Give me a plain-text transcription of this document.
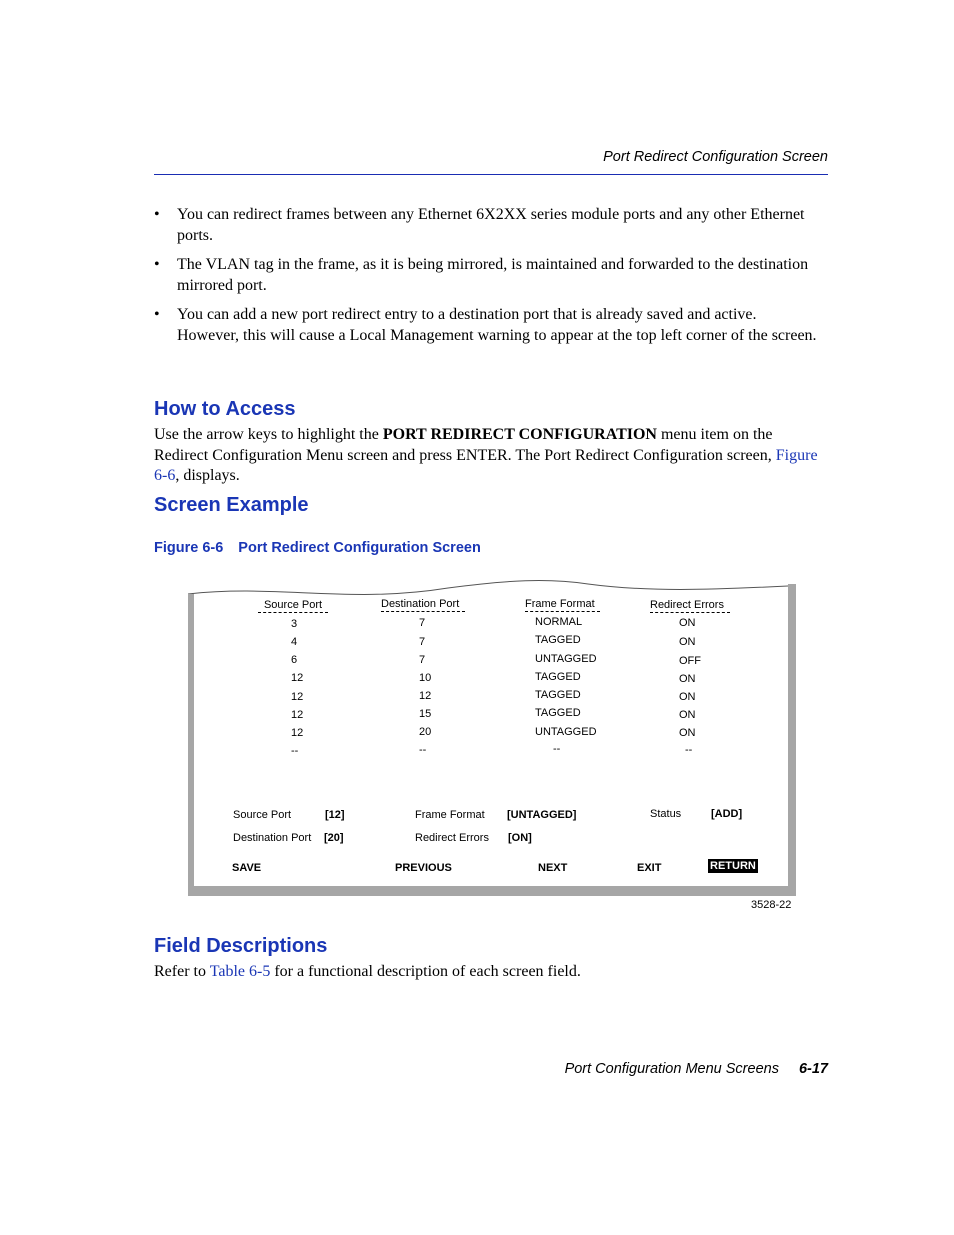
Port Redirect Configuration Screen
• You can redirect frames between any Ethernet 6X2XX series module ports and any other Ethernet ports.
• The VLAN tag in the frame, as it is being mirrored, is maintained and forwarded to the destination mirrored port.
• You can add a new port redirect entry to a destination port that is already saved and active. However, this will cause a Local Management warning to appear at the top left corner of the screen.
How to Access
Use the arrow keys to highlight the PORT REDIRECT CONFIGURATION menu item on the Redirect Configuration Menu screen and press ENTER. The Port Redirect Configuration screen, Figure 6-6, displays.
Screen Example
Figure 6-6 Port Redirect Configuration Screen
Source Port	Destination Port	Frame Format	Redirect Errors
3	7	NORMAL	ON
4	7	TAGGED	ON
6	7	UNTAGGED	OFF
12	10	TAGGED	ON
12	12	TAGGED	ON
12	15	TAGGED	ON
12	20	UNTAGGED	ON
--	--	--	--
Source Port	[12]	Frame Format [UNTAGGED]	Status	[ADD]
Destination Port [20]	Redirect Errors [ON]
SAVE	PREVIOUS	NEXT	EXIT	RETURN
3528-22
Field Descriptions
Refer to Table 6-5 for a functional description of each screen field.
Port Configuration Menu Screens 6-17
